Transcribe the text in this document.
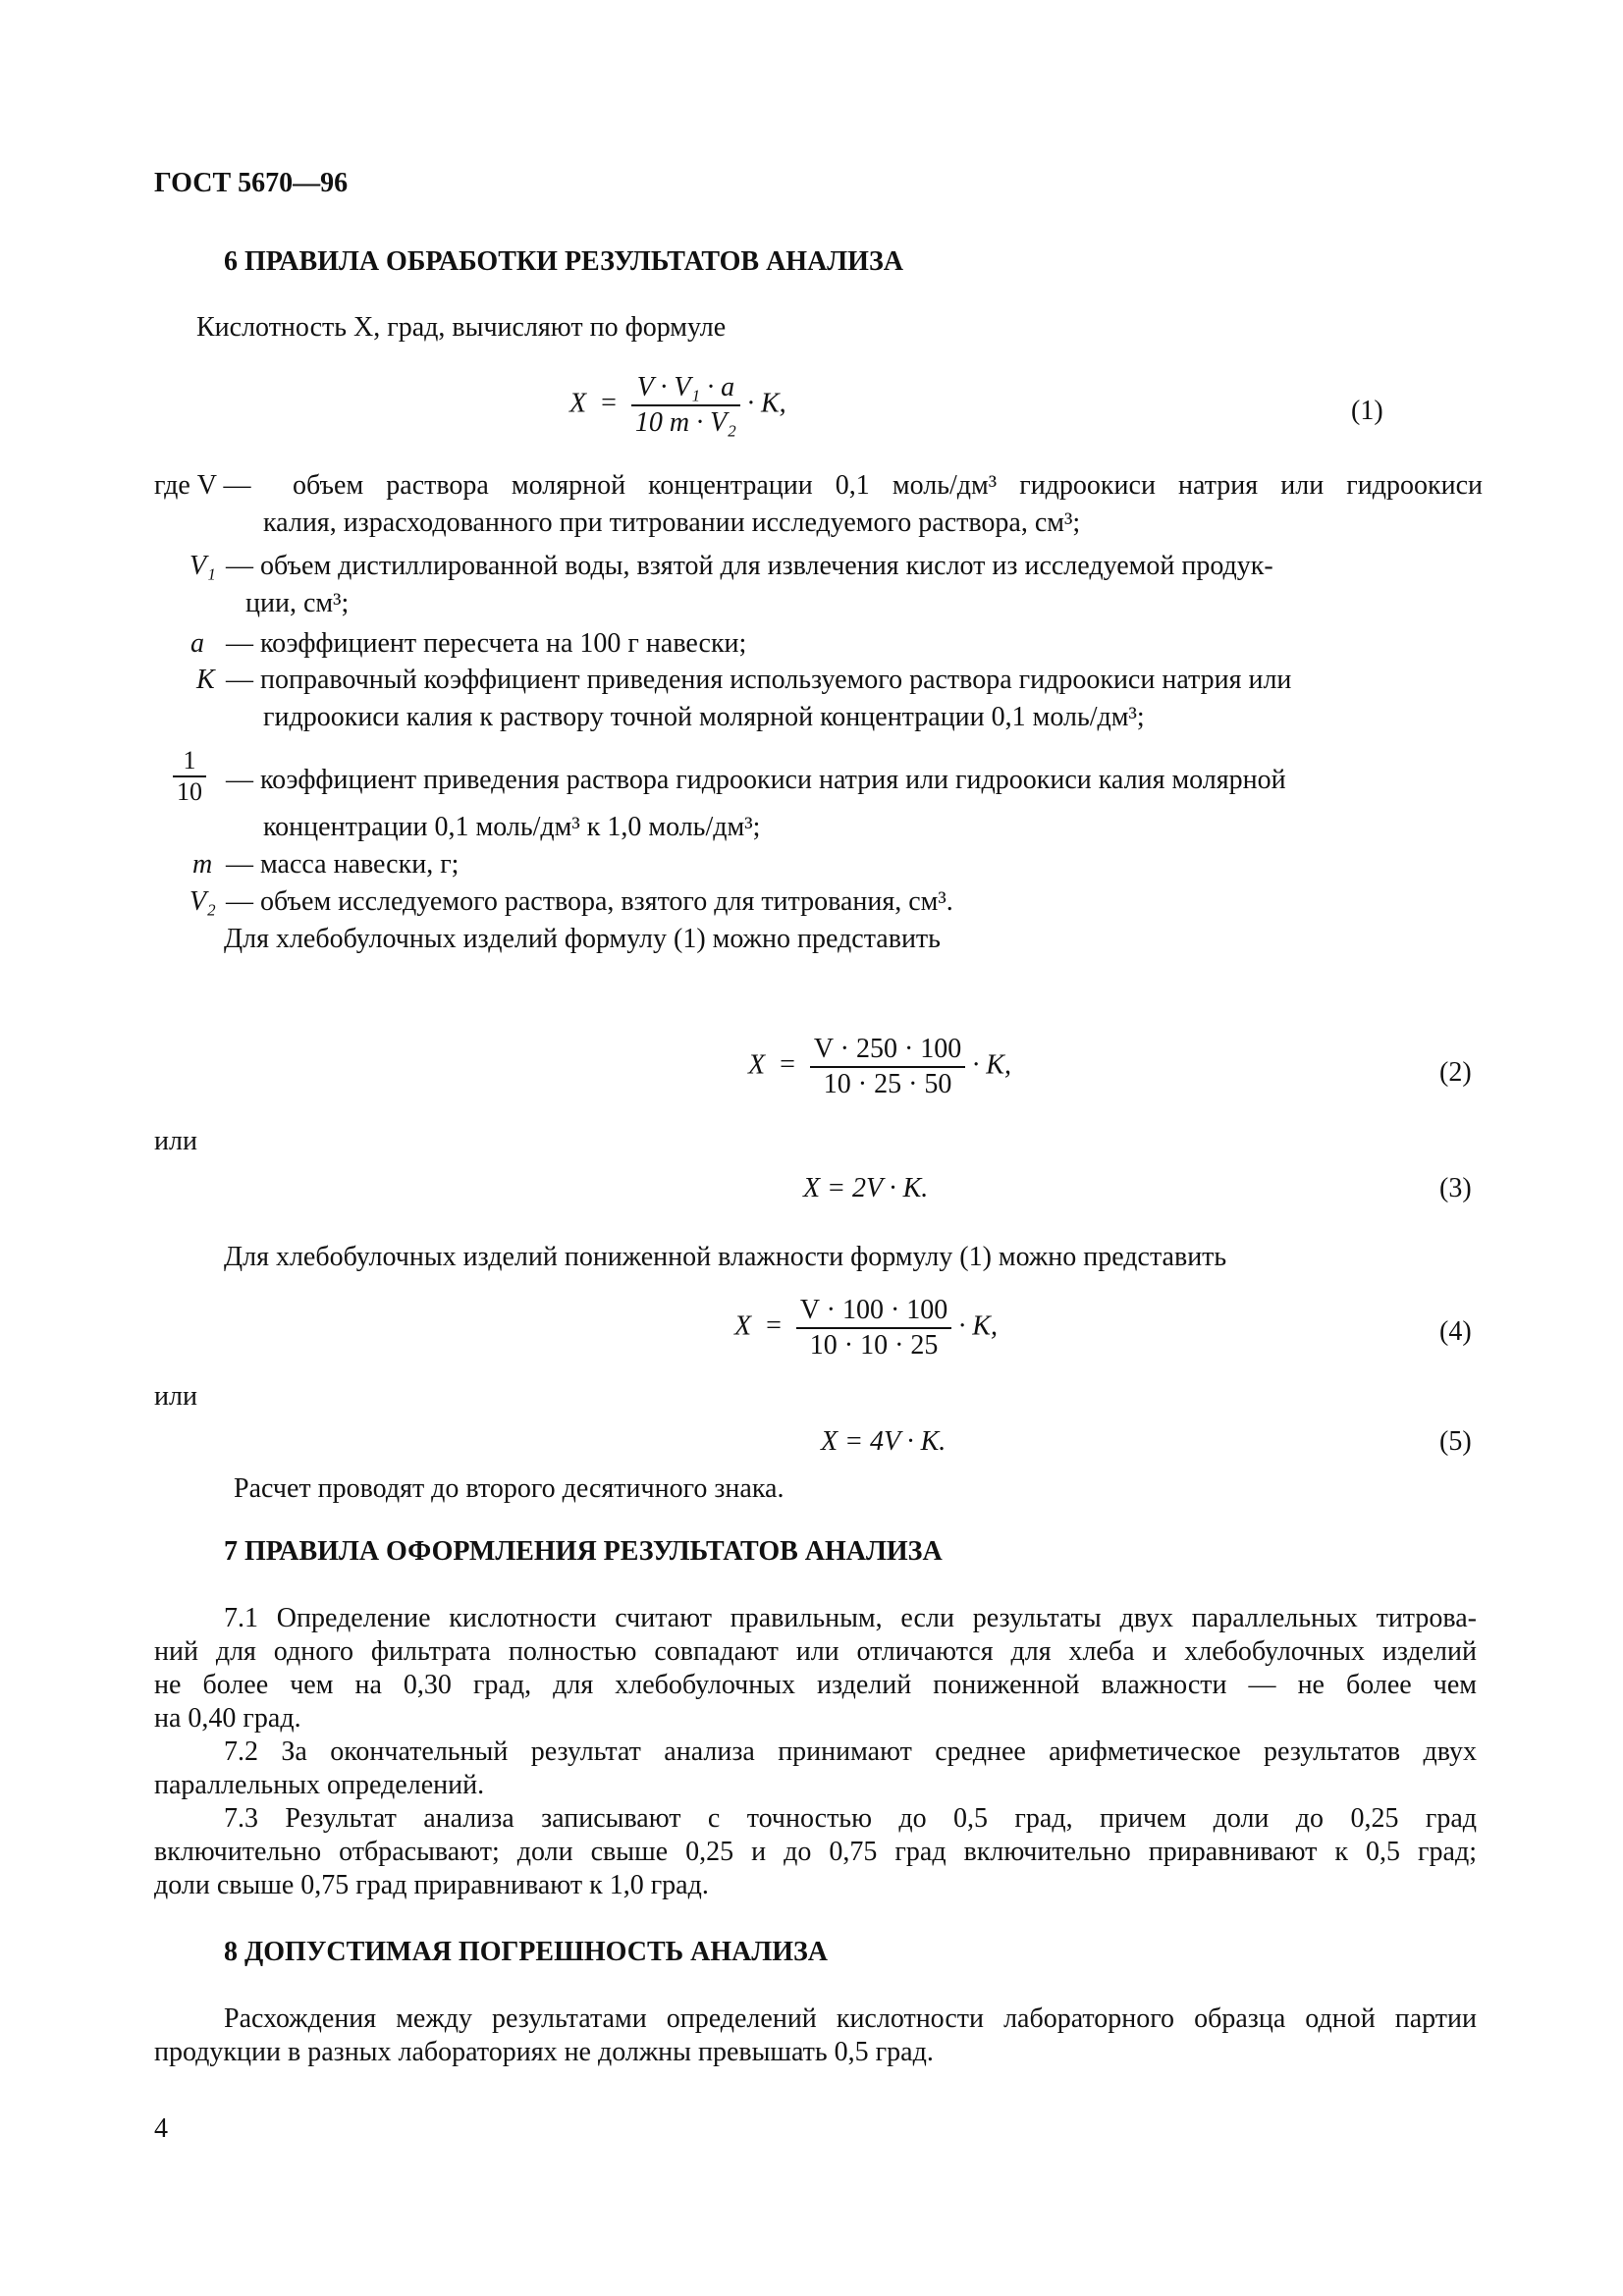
ГОСТ 5670—96
6 ПРАВИЛА ОБРАБОТКИ РЕЗУЛЬТАТОВ АНАЛИЗА
Кислотность X, град, вычисляют по формуле
$X = \frac{\text{V · V₁ · a}}{\text{10 m · V₂}} \cdot K$,	(1)
где V — объем раствора молярной концентрации 0,1 моль/дм³ гидроокиси натрия или гидроокиси
калия, израсходованного при титровании исследуемого раствора, см³;
V₁ — объем дистиллированной воды, взятой для извлечения кислот из исследуемой продук-
ции, см³;
a — коэффициент пересчета на 100 г навески;
K — поправочный коэффициент приведения используемого раствора гидроокиси натрия или
гидроокиси калия к раствору точной молярной концентрации 0,1 моль/дм³;
$\frac{1}{10}$ — коэффициент приведения раствора гидроокиси натрия или гидроокиси калия молярной
концентрации 0,1 моль/дм³ к 1,0 моль/дм³;
m — масса навески, г;
V₂ — объем исследуемого раствора, взятого для титрования, см³.
Для хлебобулочных изделий формулу (1) можно представить
$X = \frac{V \cdot 250 \cdot 100}{10 \cdot 25 \cdot 50} \cdot K$,	(2)
или
X = 2V · K.	(3)
Для хлебобулочных изделий пониженной влажности формулу (1) можно представить
$X = \frac{V \cdot 100 \cdot 100}{10 \cdot 10 \cdot 25} \cdot K$,	(4)
или
X = 4V · K.	(5)
Расчет проводят до второго десятичного знака.
7 ПРАВИЛА ОФОРМЛЕНИЯ РЕЗУЛЬТАТОВ АНАЛИЗА
7.1 Определение кислотности считают правильным, если результаты двух параллельных титрова-
ний для одного фильтрата полностью совпадают или отличаются для хлеба и хлебобулочных изделий
не более чем на 0,30 град, для хлебобулочных изделий пониженной влажности — не более чем
на 0,40 град.
7.2 За окончательный результат анализа принимают среднее арифметическое результатов двух
параллельных определений.
7.3 Результат анализа записывают с точностью до 0,5 град, причем доли до 0,25 град
включительно отбрасывают; доли свыше 0,25 и до 0,75 град включительно приравнивают к 0,5 град;
доли свыше 0,75 град приравнивают к 1,0 град.
8 ДОПУСТИМАЯ ПОГРЕШНОСТЬ АНАЛИЗА
Расхождения между результатами определений кислотности лабораторного образца одной партии
продукции в разных лабораториях не должны превышать 0,5 град.
4
